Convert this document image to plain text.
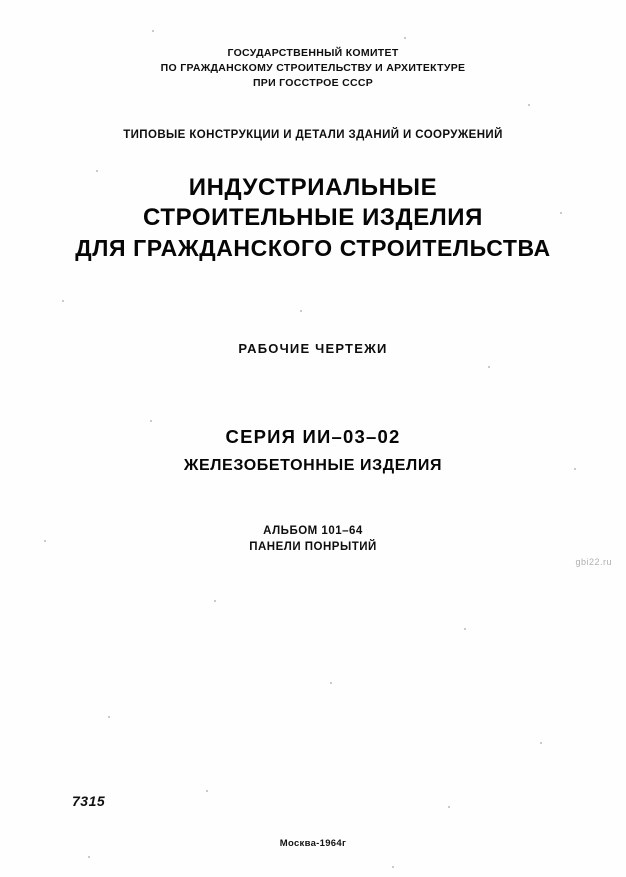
ГОСУДАРСТВЕННЫЙ КОМИТЕТ
ПО ГРАЖДАНСКОМУ СТРОИТЕЛЬСТВУ И АРХИТЕКТУРЕ
ПРИ ГОССТРОЕ СССР
ТИПОВЫЕ КОНСТРУКЦИИ И ДЕТАЛИ ЗДАНИЙ И СООРУЖЕНИЙ
ИНДУСТРИАЛЬНЫЕ
СТРОИТЕЛЬНЫЕ ИЗДЕЛИЯ
ДЛЯ ГРАЖДАНСКОГО СТРОИТЕЛЬСТВА
РАБОЧИЕ ЧЕРТЕЖИ
СЕРИЯ ИИ–03–02
ЖЕЛЕЗОБЕТОННЫЕ ИЗДЕЛИЯ
АЛЬБОМ 101–64
ПАНЕЛИ ПОНРЫТИЙ
gbi22.ru
7315
Москва-1964г
